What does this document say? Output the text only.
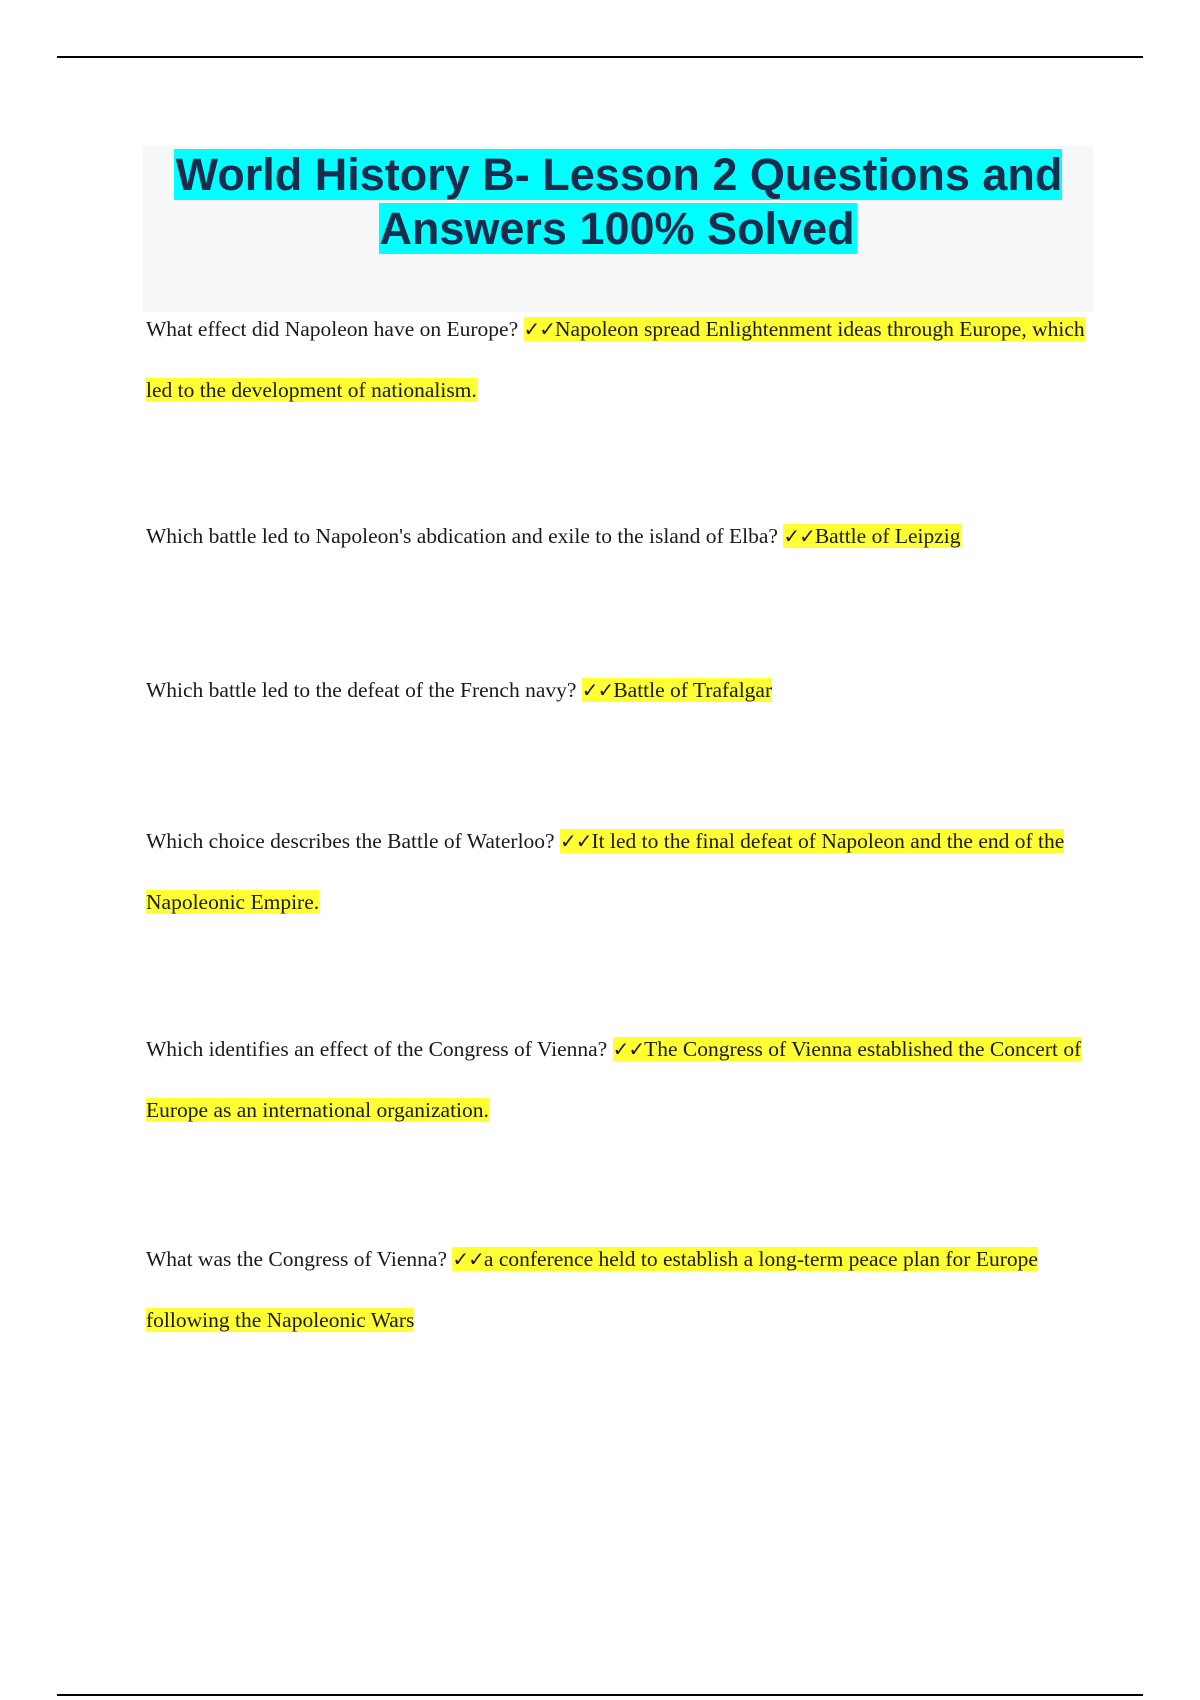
World History B- Lesson 2 Questions and Answers 100% Solved

What effect did Napoleon have on Europe? ✓✓Napoleon spread Enlightenment ideas through Europe, which led to the development of nationalism.

Which battle led to Napoleon's abdication and exile to the island of Elba? ✓✓Battle of Leipzig

Which battle led to the defeat of the French navy? ✓✓Battle of Trafalgar

Which choice describes the Battle of Waterloo? ✓✓It led to the final defeat of Napoleon and the end of the Napoleonic Empire.

Which identifies an effect of the Congress of Vienna? ✓✓The Congress of Vienna established the Concert of Europe as an international organization.

What was the Congress of Vienna? ✓✓a conference held to establish a long-term peace plan for Europe following the Napoleonic Wars
